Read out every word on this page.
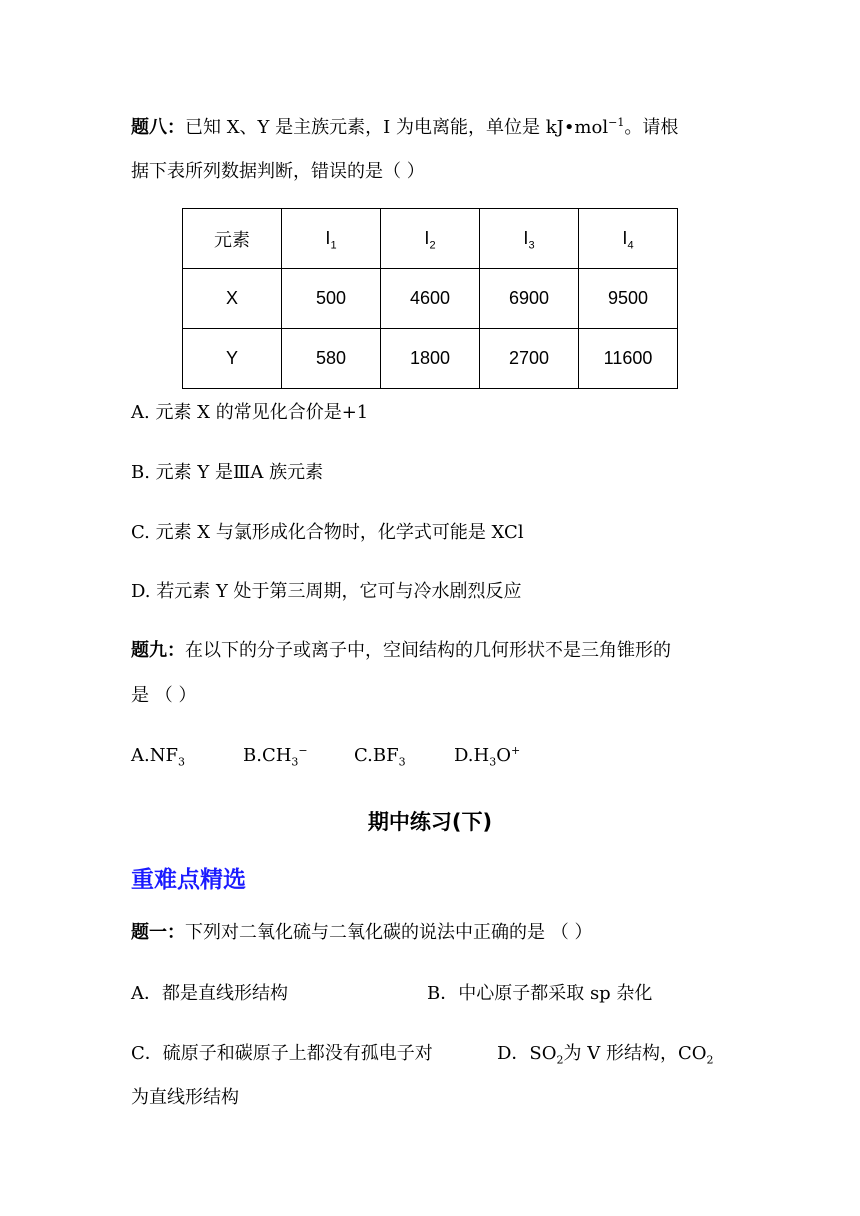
题八：已知 X、Y 是主族元素，I 为电离能，单位是 kJ•mol$^{-1}$。请根
据下表所列数据判断，错误的是（ ）
元素	$I_1$	$I_2$	$I_3$	$I_4$
X	500	4600	6900	9500
Y	580	1800	2700	11600
A. 元素 X 的常见化合价是+1
B. 元素 Y 是ⅢA 族元素
C. 元素 X 与氯形成化合物时，化学式可能是 XCl
D. 若元素 Y 处于第三周期，它可与冷水剧烈反应
题九：在以下的分子或离子中，空间结构的几何形状不是三角锥形的
是 （ ）
$A.NF_3$	$B.CH_3^-$	$C.BF_3$	$D.H_3O^+$
期中练习(下)
重难点精选
题一：下列对二氧化硫与二氧化碳的说法中正确的是 （ ）
A．都是直线形结构	B．中心原子都采取 sp 杂化
C．硫原子和碳原子上都没有孤电子对	D．$SO_2$为 V 形结构，$CO_2$
为直线形结构
